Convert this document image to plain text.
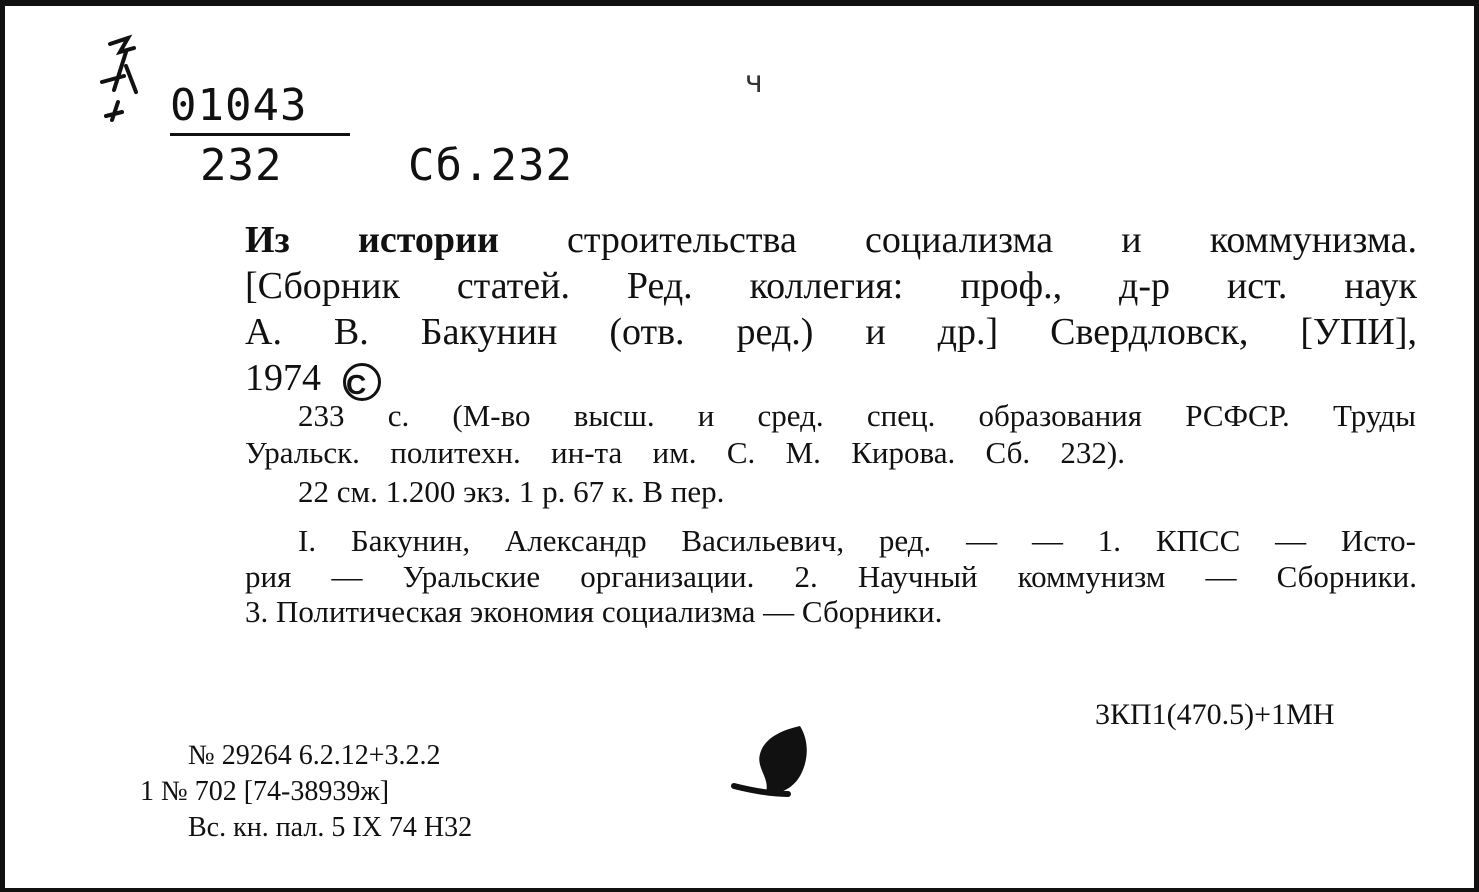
01043
232	Сб.232
ч
Из истории строительства социализма и коммунизма.
[Сборник статей. Ред. коллегия: проф., д-р ист. наук
А. В. Бакунин (отв. ред.) и др.] Свердловск, [УПИ],
1974 C
233 с. (М-во высш. и сред. спец. образования РСФСР. Труды
Уральск. политехн. ин-та им. С. М. Кирова. Сб. 232).
22 см. 1.200 экз. 1 р. 67 к. В пер.
I. Бакунин, Александр Васильевич, ред. — — 1. КПСС — Исто-
рия — Уральские организации. 2. Научный коммунизм — Сборники.
3. Политическая экономия социализма — Сборники.
3КП1(470.5)+1МН
№ 29264 6.2.12+3.2.2
1 № 702 [74-38939ж]
Вс. кн. пал. 5 IX 74 Н32
